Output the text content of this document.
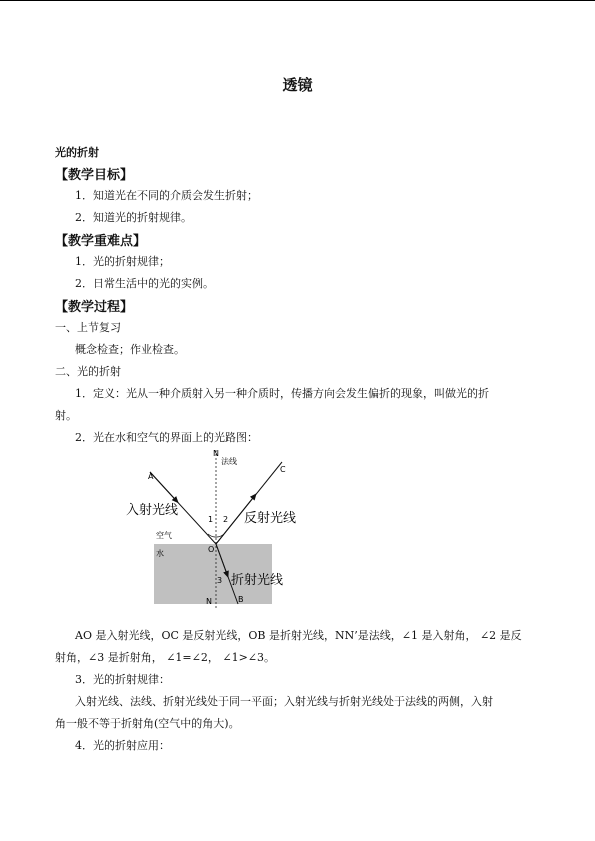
透镜
光的折射
【教学目标】
1．知道光在不同的介质会发生折射；
2．知道光的折射规律。
【教学重难点】
1．光的折射规律；
2．日常生活中的光的实例。
【教学过程】
一、上节复习
概念检查；作业检查。
二、光的折射
1．定义：光从一种介质射入另一种介质时，传播方向会发生偏折的现象，叫做光的折
射。
2．光在水和空气的界面上的光路图：
N
法线
A
C
入射光线
反射光线
1 2
空气
水	O
3 折射光线
B
N
AO 是入射光线，OC 是反射光线，OB 是折射光线，NN’是法线，∠1 是入射角， ∠2 是反
射角，∠3 是折射角， ∠1=∠2， ∠1>∠3。
3．光的折射规律：
入射光线、法线、折射光线处于同一平面；入射光线与折射光线处于法线的两侧，入射
角一般不等于折射角(空气中的角大)。
4．光的折射应用：
